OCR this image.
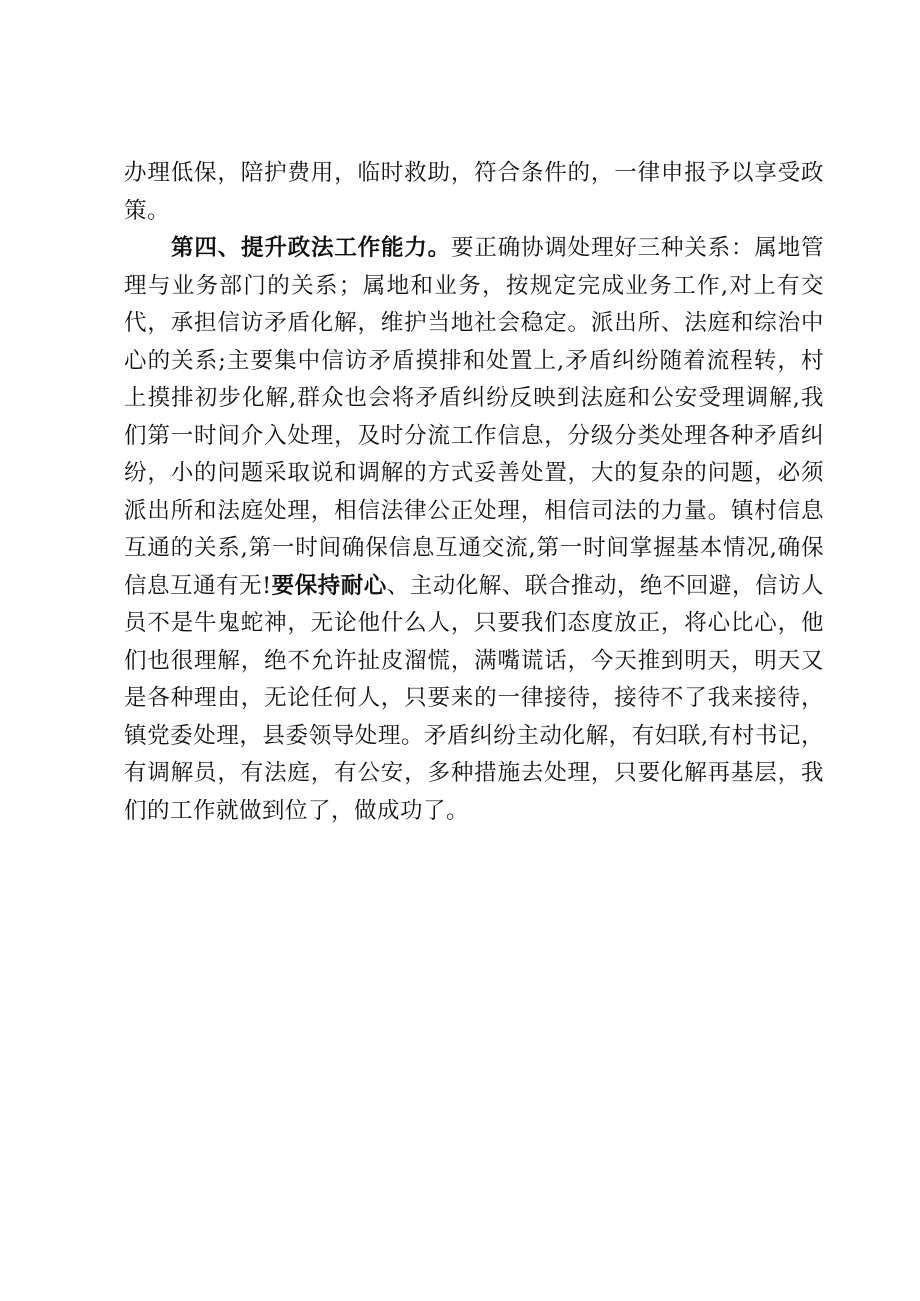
办理低保，陪护费用，临时救助，符合条件的，一律申报予以享受政策。

第四、提升政法工作能力。要正确协调处理好三种关系：属地管理与业务部门的关系；属地和业务，按规定完成业务工作,对上有交代，承担信访矛盾化解，维护当地社会稳定。派出所、法庭和综治中心的关系;主要集中信访矛盾摸排和处置上,矛盾纠纷随着流程转，村上摸排初步化解,群众也会将矛盾纠纷反映到法庭和公安受理调解,我们第一时间介入处理，及时分流工作信息，分级分类处理各种矛盾纠纷，小的问题采取说和调解的方式妥善处置，大的复杂的问题，必须派出所和法庭处理，相信法律公正处理，相信司法的力量。镇村信息互通的关系,第一时间确保信息互通交流,第一时间掌握基本情况,确保信息互通有无!要保持耐心、主动化解、联合推动，绝不回避，信访人员不是牛鬼蛇神，无论他什么人，只要我们态度放正，将心比心，他们也很理解，绝不允许扯皮溜慌，满嘴谎话，今天推到明天，明天又是各种理由，无论任何人，只要来的一律接待，接待不了我来接待，镇党委处理，县委领导处理。矛盾纠纷主动化解，有妇联,有村书记，有调解员，有法庭，有公安，多种措施去处理，只要化解再基层，我们的工作就做到位了，做成功了。
